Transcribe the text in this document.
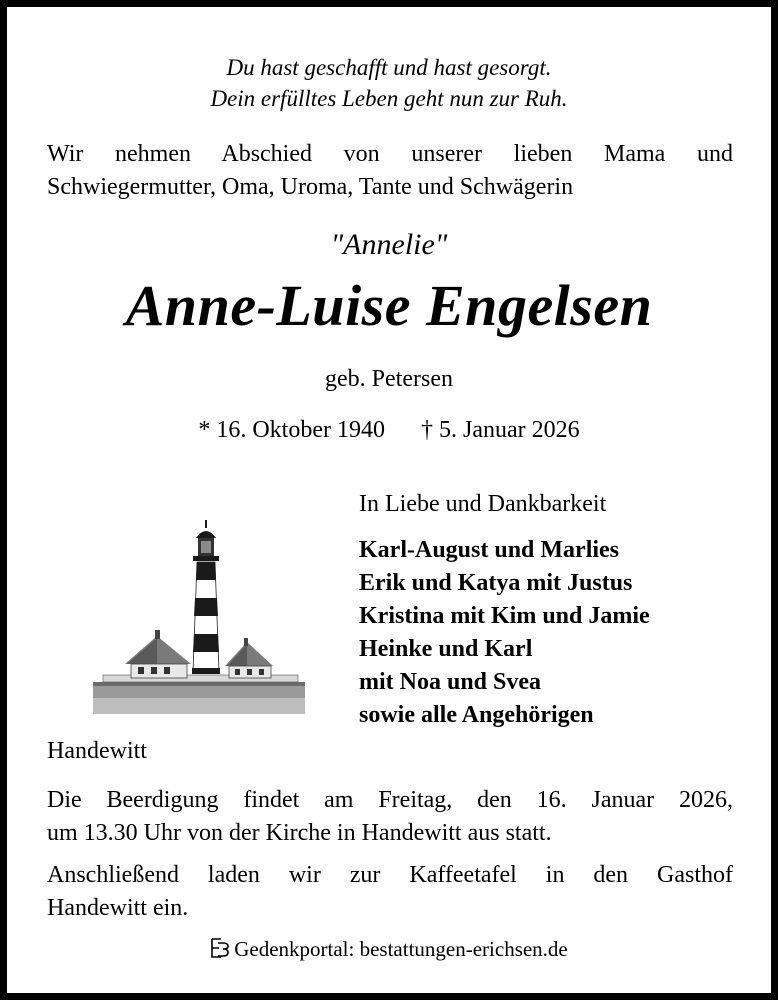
Du hast geschafft und hast gesorgt.
Dein erfülltes Leben geht nun zur Ruh.
Wir nehmen Abschied von unserer lieben Mama und
Schwiegermutter, Oma, Uroma, Tante und Schwägerin
"Annelie"
Anne-Luise Engelsen
geb. Petersen
* 16. Oktober 1940 † 5. Januar 2026
In Liebe und Dankbarkeit
Karl-August und Marlies
Erik und Katya mit Justus
Kristina mit Kim und Jamie
Heinke und Karl
mit Noa und Svea
sowie alle Angehörigen
Handewitt
Die Beerdigung findet am Freitag, den 16. Januar 2026,
um 13.30 Uhr von der Kirche in Handewitt aus statt.
Anschließend laden wir zur Kaffeetafel in den Gasthof
Handewitt ein.
Gedenkportal: bestattungen-erichsen.de
